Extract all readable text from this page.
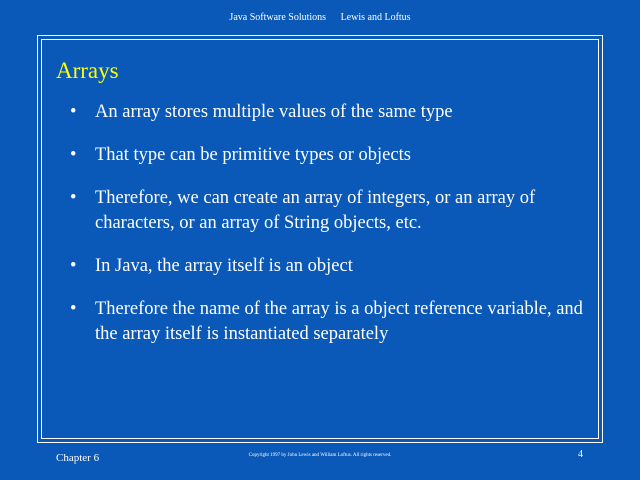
Java Software Solutions Lewis and Loftus
Arrays
• An array stores multiple values of the same type
• That type can be primitive types or objects
• Therefore, we can create an array of integers, or an array of characters, or an array of String objects, etc.
• In Java, the array itself is an object
• Therefore the name of the array is a object reference variable, and the array itself is instantiated separately
Chapter 6	Copyright 1997 by John Lewis and William Loftus. All rights reserved.	4
